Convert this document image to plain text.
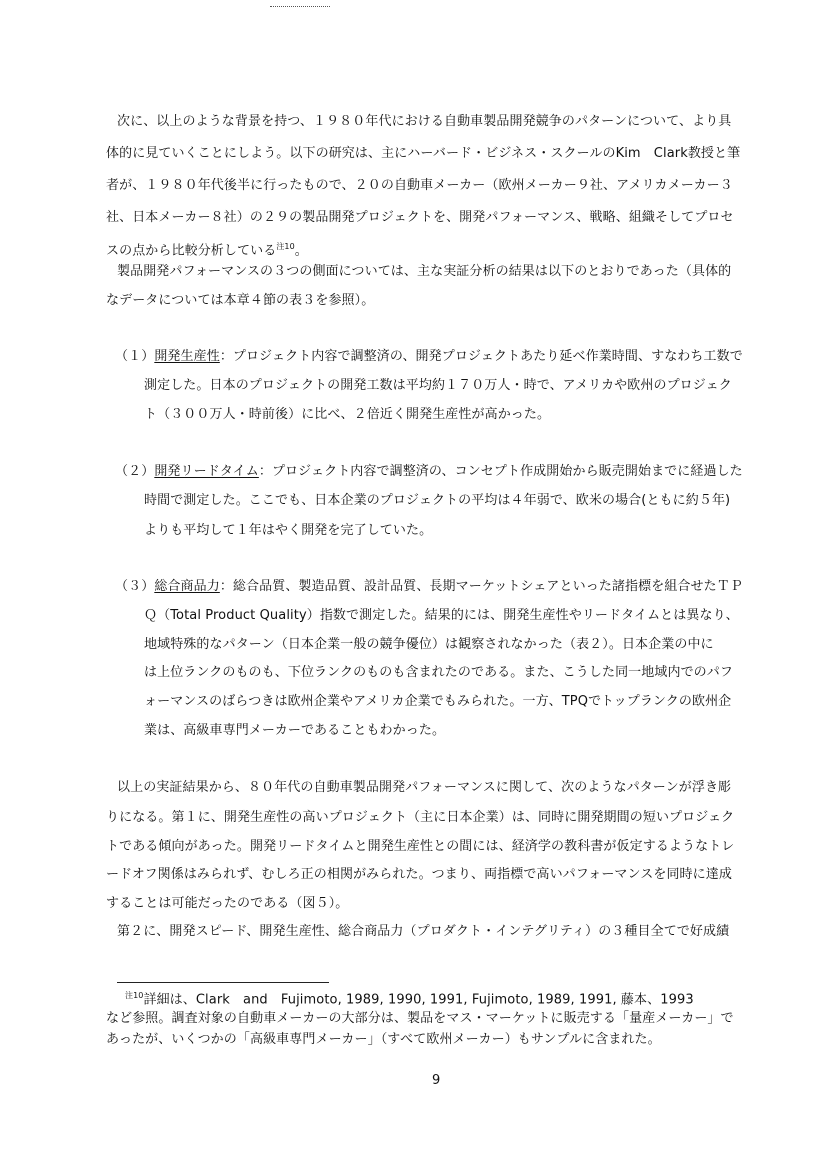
次に、以上のような背景を持つ、１９８０年代における自動車製品開発競争のパターンについて、より具
体的に見ていくことにしよう。以下の研究は、主にハーバード・ビジネス・スクールのKim　Clark教授と筆
者が、１９８０年代後半に行ったもので、２０の自動車メーカー（欧州メーカー９社、アメリカメーカー３
社、日本メーカー８社）の２９の製品開発プロジェクトを、開発パフォーマンス、戦略、組織そしてプロセ
スの点から比較分析している$^{注10}$。
製品開発パフォーマンスの３つの側面については、主な実証分析の結果は以下のとおりであった（具体的
なデータについては本章４節の表３を参照）。
（１）開発生産性：プロジェクト内容で調整済の、開発プロジェクトあたり延べ作業時間、すなわち工数で
測定した。日本のプロジェクトの開発工数は平均約１７０万人・時で、アメリカや欧州のプロジェク
ト（３００万人・時前後）に比べ、２倍近く開発生産性が高かった。
（２）開発リードタイム：プロジェクト内容で調整済の、コンセプト作成開始から販売開始までに経過した
時間で測定した。ここでも、日本企業のプロジェクトの平均は４年弱で、欧米の場合(ともに約５年)
よりも平均して１年はやく開発を完了していた。
（３）総合商品力：総合品質、製造品質、設計品質、長期マーケットシェアといった諸指標を組合せたＴＰ
Ｑ（Total Product Quality）指数で測定した。結果的には、開発生産性やリードタイムとは異なり、
地域特殊的なパターン（日本企業一般の競争優位）は観察されなかった（表２）。日本企業の中に
は上位ランクのものも、下位ランクのものも含まれたのである。また、こうした同一地域内でのパフ
ォーマンスのばらつきは欧州企業やアメリカ企業でもみられた。一方、TPQでトップランクの欧州企
業は、高級車専門メーカーであることもわかった。
以上の実証結果から、８０年代の自動車製品開発パフォーマンスに関して、次のようなパターンが浮き彫
りになる。第１に、開発生産性の高いプロジェクト（主に日本企業）は、同時に開発期間の短いプロジェク
トである傾向があった。開発リードタイムと開発生産性との間には、経済学の教科書が仮定するようなトレ
ードオフ関係はみられず、むしろ正の相関がみられた。つまり、両指標で高いパフォーマンスを同時に達成
することは可能だったのである（図５）。
第２に、開発スピード、開発生産性、総合商品力（プロダクト・インテグリティ）の３種目全てで好成績
$^{注10}$詳細は、Clark　and　Fujimoto, 1989, 1990, 1991, Fujimoto, 1989, 1991, 藤本、1993
など参照。調査対象の自動車メーカーの大部分は、製品をマス・マーケットに販売する「量産メーカー」で
あったが、いくつかの「高級車専門メーカー」（すべて欧州メーカー）もサンプルに含まれた。
9
